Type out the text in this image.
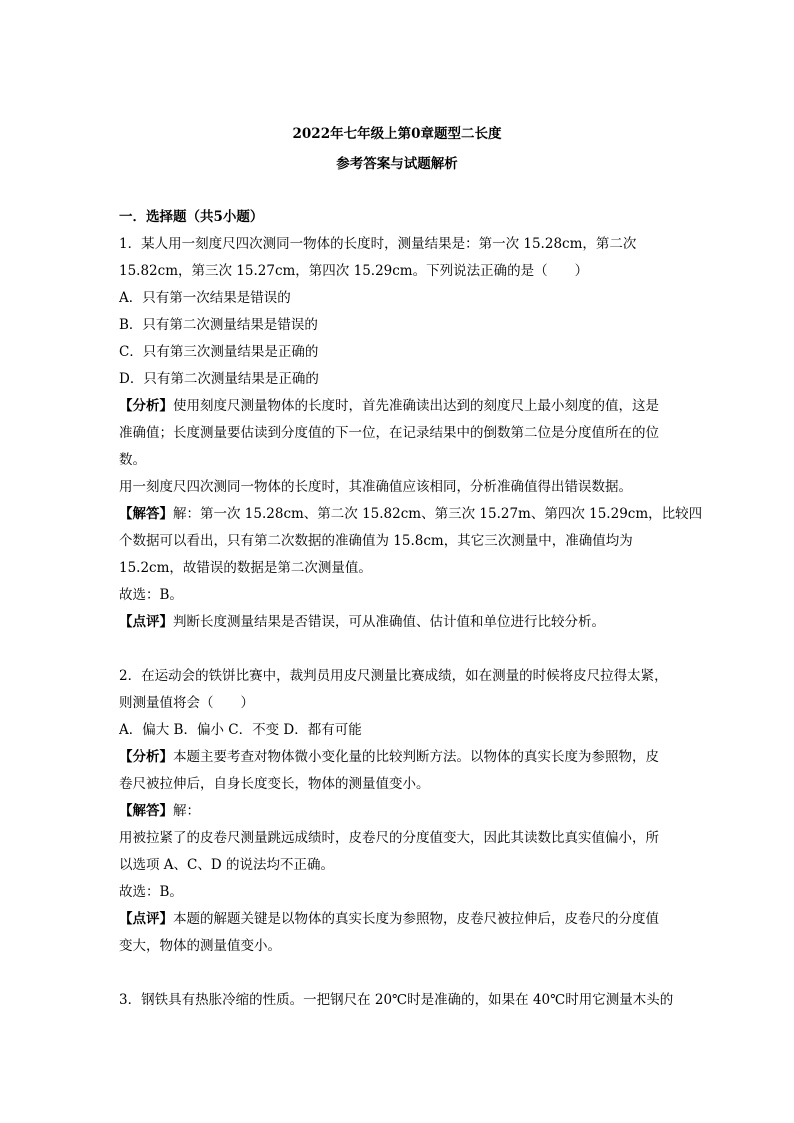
2022年七年级上第0章题型二长度
参考答案与试题解析
一．选择题（共5小题）
1．某人用一刻度尺四次测同一物体的长度时，测量结果是：第一次 15.28cm，第二次
15.82cm，第三次 15.27cm，第四次 15.29cm。下列说法正确的是（　　）
A．只有第一次结果是错误的
B．只有第二次测量结果是错误的
C．只有第三次测量结果是正确的
D．只有第二次测量结果是正确的
【分析】使用刻度尺测量物体的长度时，首先准确读出达到的刻度尺上最小刻度的值，这是
准确值；长度测量要估读到分度值的下一位，在记录结果中的倒数第二位是分度值所在的位
数。
用一刻度尺四次测同一物体的长度时，其准确值应该相同，分析准确值得出错误数据。
【解答】解：第一次 15.28cm、第二次 15.82cm、第三次 15.27m、第四次 15.29cm，比较四
个数据可以看出，只有第二次数据的准确值为 15.8cm，其它三次测量中，准确值均为
15.2cm，故错误的数据是第二次测量值。
故选：B。
【点评】判断长度测量结果是否错误，可从准确值、估计值和单位进行比较分析。
2．在运动会的铁饼比赛中，裁判员用皮尺测量比赛成绩，如在测量的时候将皮尺拉得太紧，
则测量值将会（　　）
A．偏大 B．偏小 C．不变 D．都有可能
【分析】本题主要考查对物体微小变化量的比较判断方法。以物体的真实长度为参照物，皮
卷尺被拉伸后，自身长度变长，物体的测量值变小。
【解答】解：
用被拉紧了的皮卷尺测量跳远成绩时，皮卷尺的分度值变大，因此其读数比真实值偏小，所
以选项 A、C、D 的说法均不正确。
故选：B。
【点评】本题的解题关键是以物体的真实长度为参照物，皮卷尺被拉伸后，皮卷尺的分度值
变大，物体的测量值变小。
3．钢铁具有热胀冷缩的性质。一把钢尺在 20℃时是准确的，如果在 40℃时用它测量木头的
